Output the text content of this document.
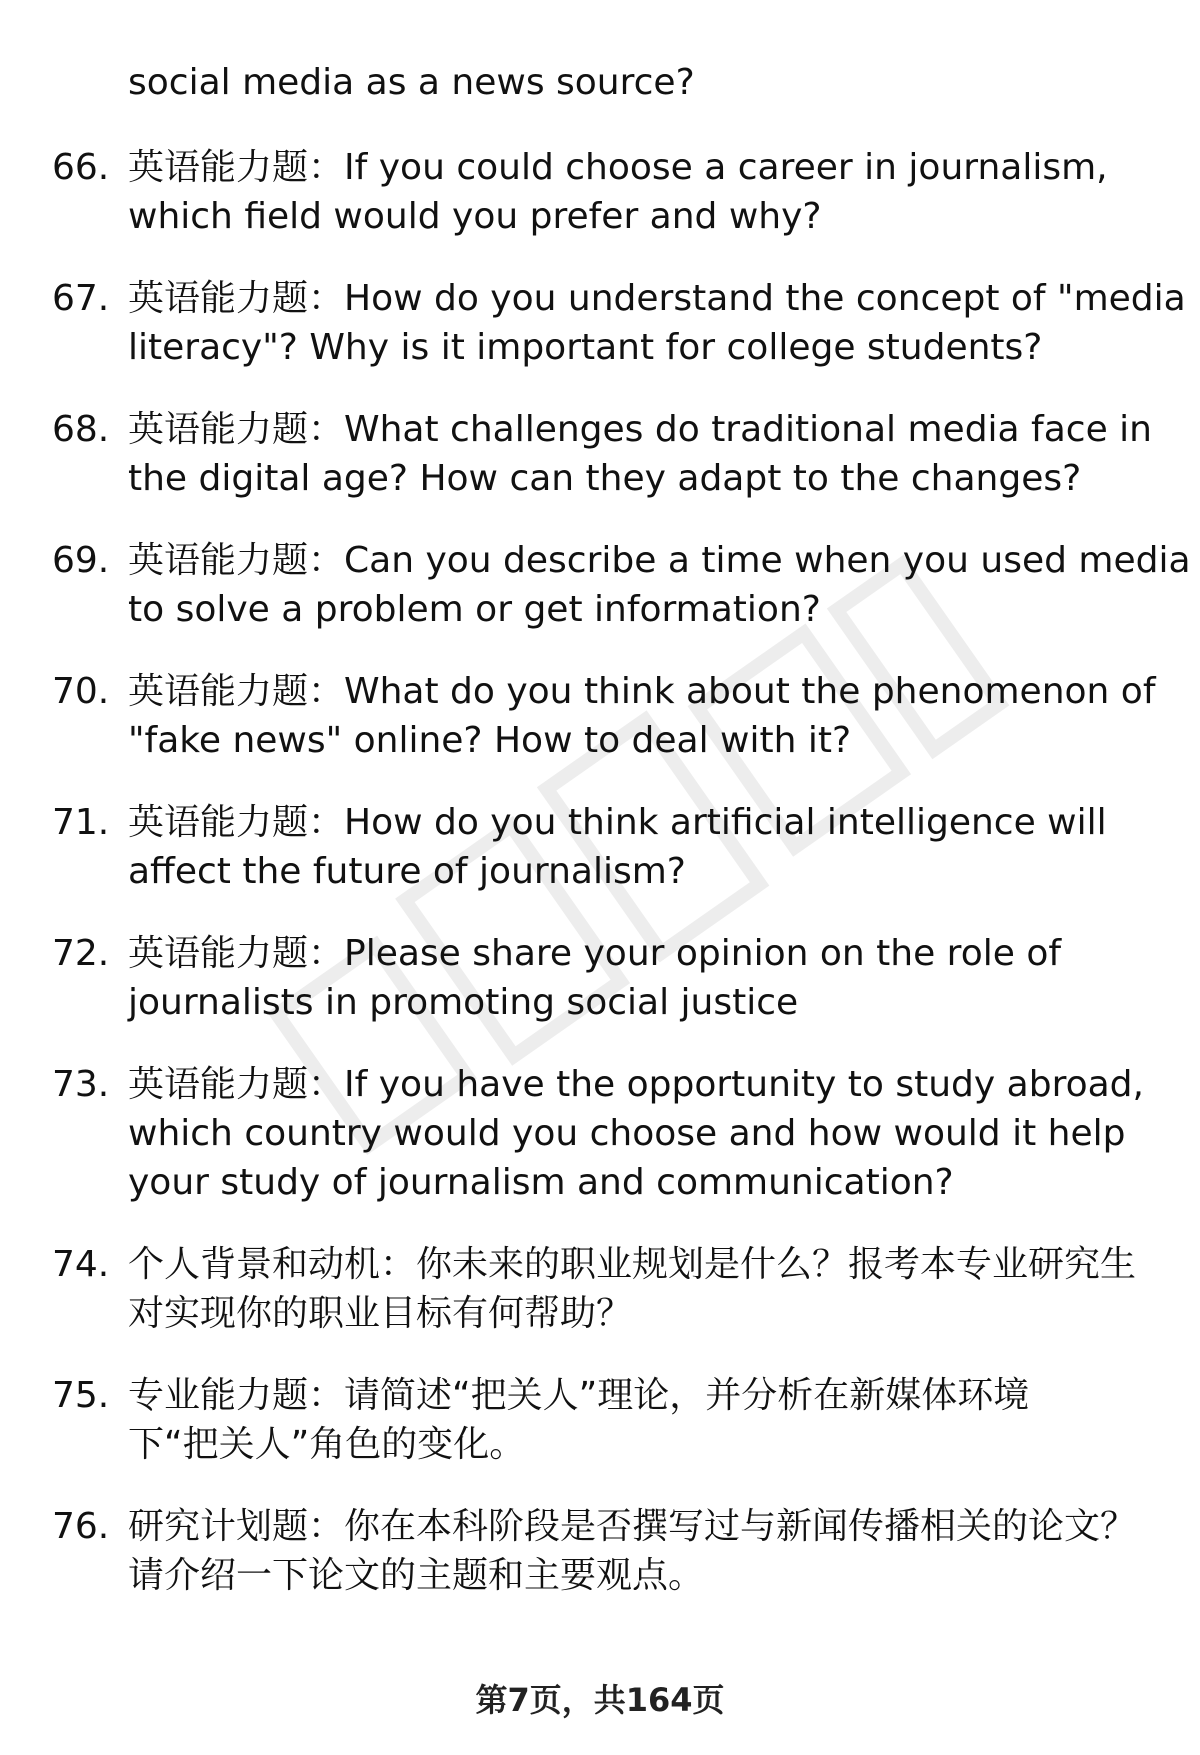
social media as a news source?
66. 英语能力题：If you could choose a career in journalism,
which field would you prefer and why?
67. 英语能力题：How do you understand the concept of "media
literacy"? Why is it important for college students?
68. 英语能力题：What challenges do traditional media face in
the digital age? How can they adapt to the changes?
69. 英语能力题：Can you describe a time when you used media
to solve a problem or get information?
70. 英语能力题：What do you think about the phenomenon of
"fake news" online? How to deal with it?
71. 英语能力题：How do you think artificial intelligence will
affect the future of journalism?
72. 英语能力题：Please share your opinion on the role of
journalists in promoting social justice
73. 英语能力题：If you have the opportunity to study abroad,
which country would you choose and how would it help
your study of journalism and communication?
74. 个人背景和动机：你未来的职业规划是什么？报考本专业研究生
对实现你的职业目标有何帮助？
75. 专业能力题：请简述“把关人”理论，并分析在新媒体环境
下“把关人”角色的变化。
76. 研究计划题：你在本科阶段是否撰写过与新闻传播相关的论文？
请介绍一下论文的主题和主要观点。
第7页，共164页
